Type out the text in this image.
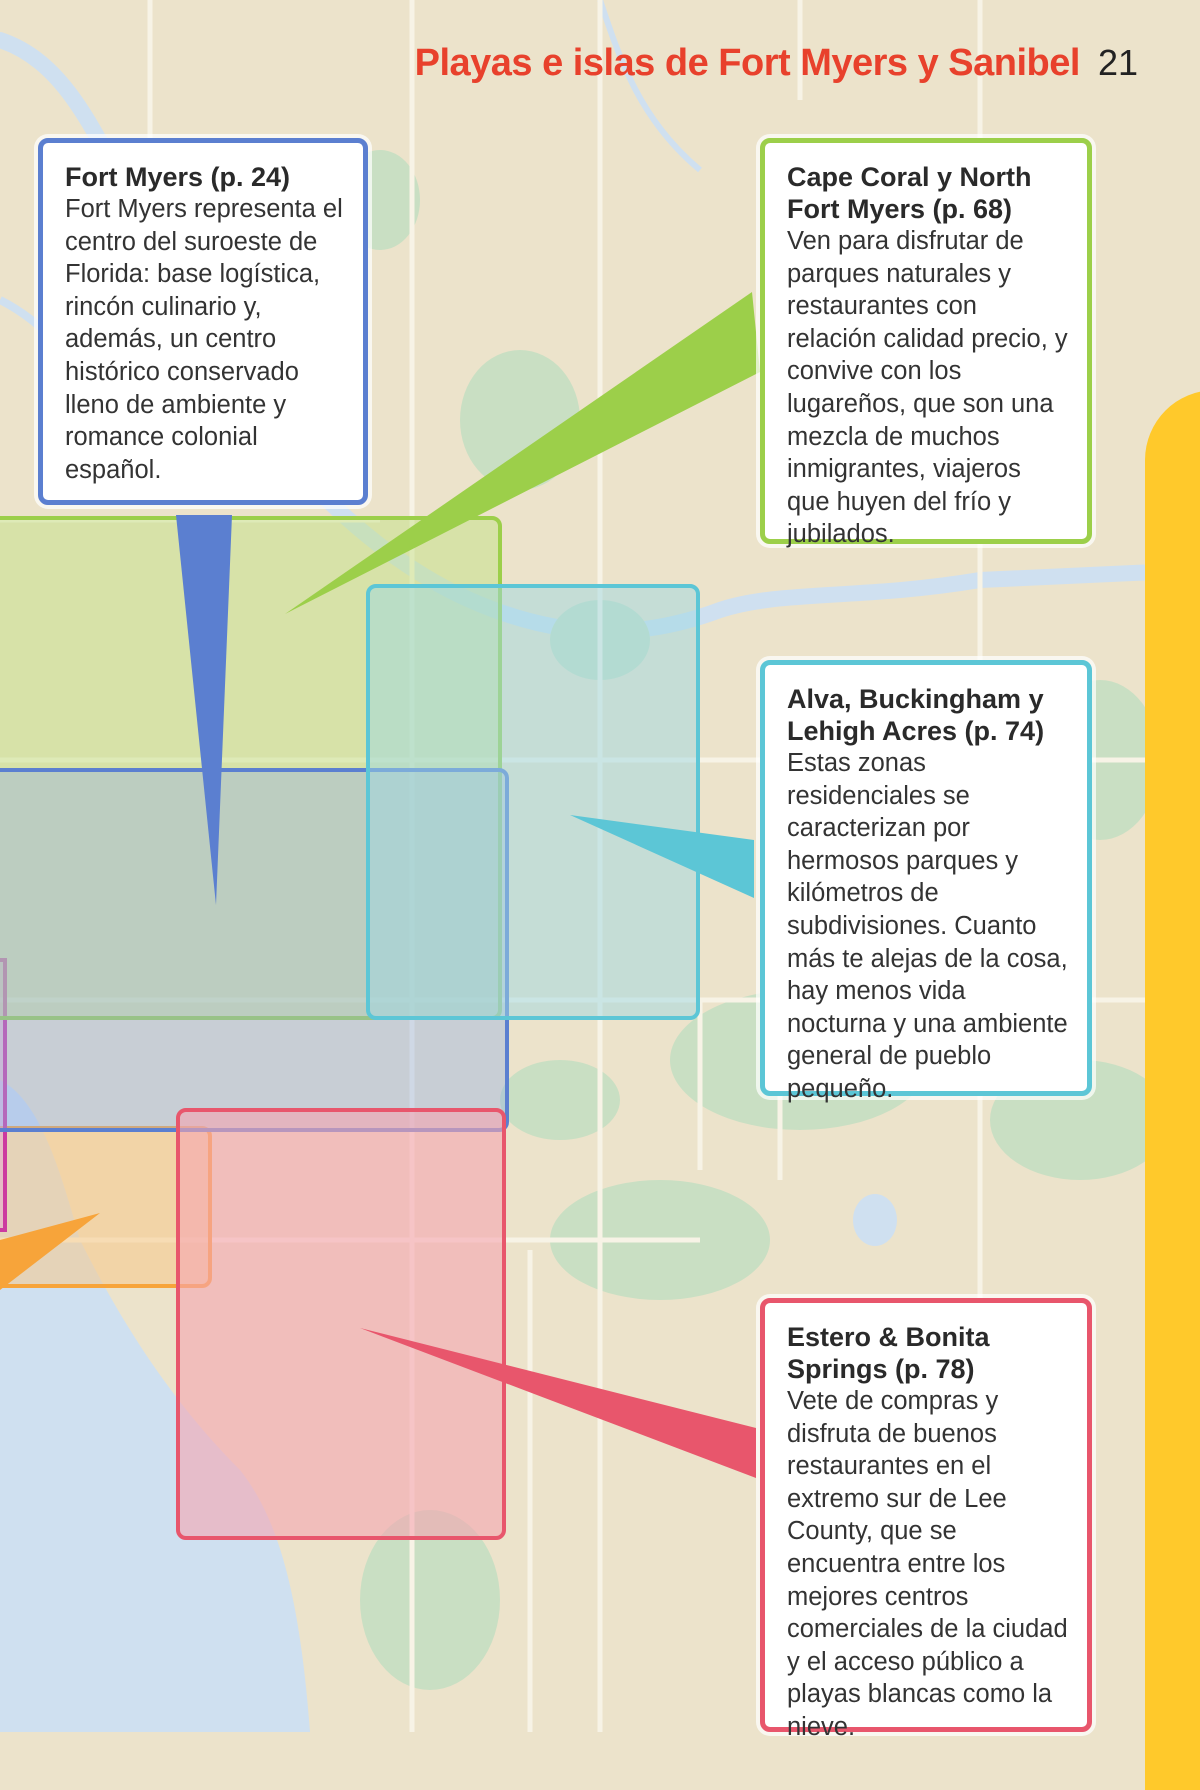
Playas e islas de Fort Myers y Sanibel 21
Fort Myers (p. 24)
Fort Myers representa el centro del suroeste de Florida: base logística, rincón culinario y, además, un centro histórico conservado lleno de ambiente y romance colonial español.
Cape Coral y North Fort Myers (p. 68)
Ven para disfrutar de parques naturales y restaurantes con relación calidad precio, y convive con los lugareños, que son una mezcla de muchos inmigrantes, viajeros que huyen del frío y jubilados.
Alva, Buckingham y Lehigh Acres (p. 74)
Estas zonas residenciales se caracterizan por hermosos parques y kilómetros de subdivisiones. Cuanto más te alejas de la cosa, hay menos vida nocturna y una ambiente general de pueblo pequeño.
Estero & Bonita Springs (p. 78)
Vete de compras y disfruta de buenos restaurantes en el extremo sur de Lee County, que se encuentra entre los mejores centros comerciales de la ciudad y el acceso público a playas blancas como la nieve.
